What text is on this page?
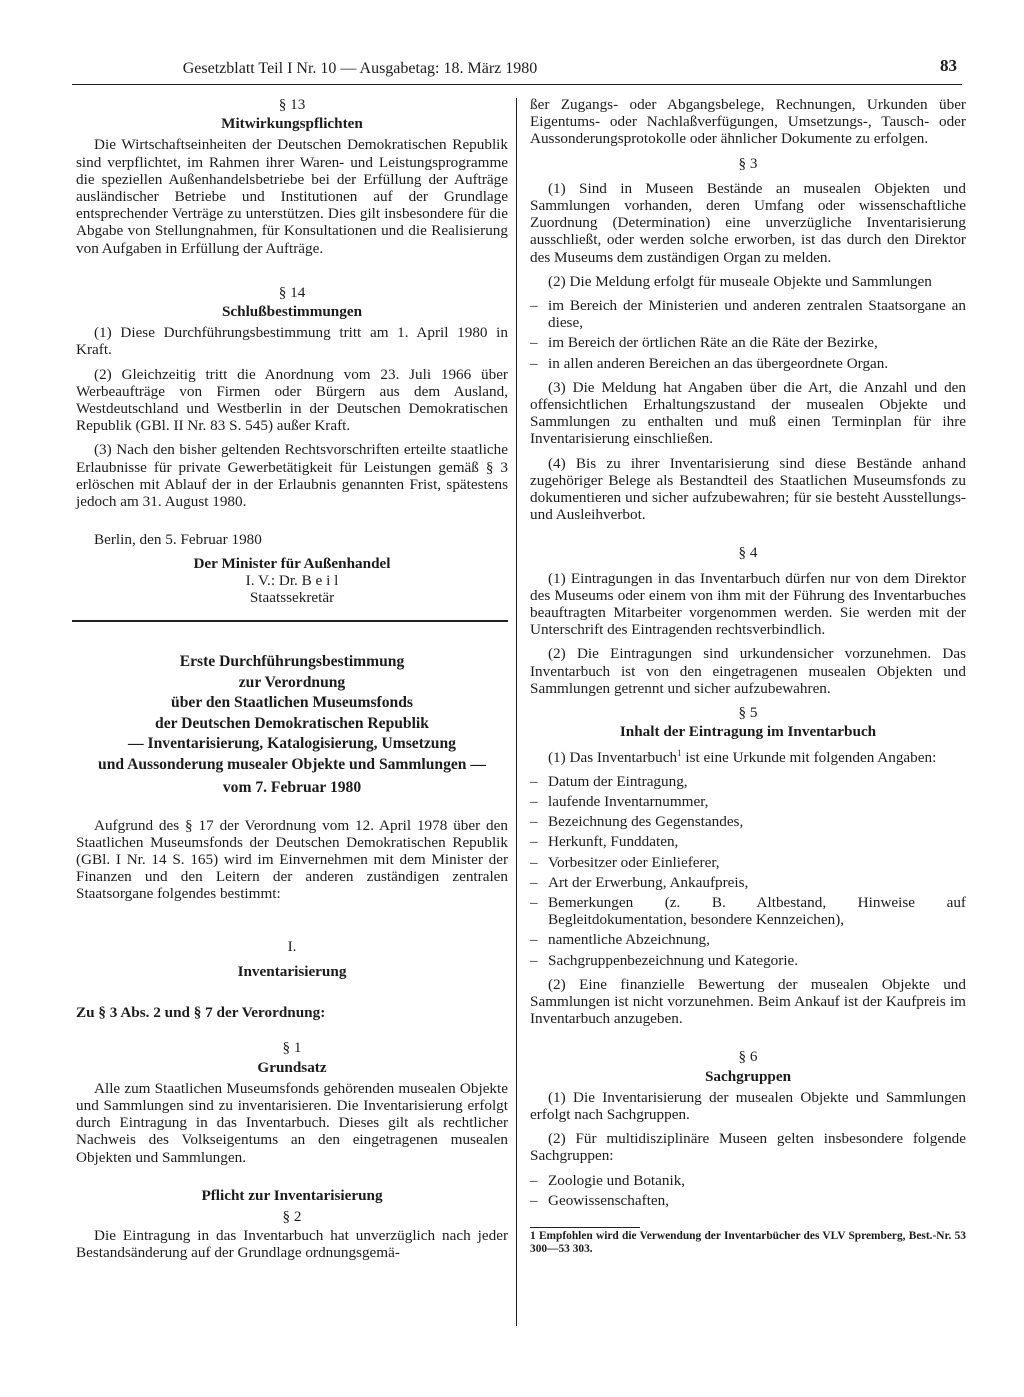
Gesetzblatt Teil I Nr. 10 — Ausgabetag: 18. März 1980	83
§ 13
Mitwirkungspflichten

Die Wirtschaftseinheiten der Deutschen Demokratischen Republik sind verpflichtet, im Rahmen ihrer Waren- und Leistungsprogramme die speziellen Außenhandelsbetriebe bei der Erfüllung der Aufträge ausländischer Betriebe und Institutionen auf der Grundlage entsprechender Verträge zu unterstützen. Dies gilt insbesondere für die Abgabe von Stellungnahmen, für Konsultationen und die Realisierung von Aufgaben in Erfüllung der Aufträge.

§ 14
Schlußbestimmungen

(1) Diese Durchführungsbestimmung tritt am 1. April 1980 in Kraft.

(2) Gleichzeitig tritt die Anordnung vom 23. Juli 1966 über Werbeaufträge von Firmen oder Bürgern aus dem Ausland, Westdeutschland und Westberlin in der Deutschen Demokratischen Republik (GBl. II Nr. 83 S. 545) außer Kraft.

(3) Nach den bisher geltenden Rechtsvorschriften erteilte staatliche Erlaubnisse für private Gewerbetätigkeit für Leistungen gemäß § 3 erlöschen mit Ablauf der in der Erlaubnis genannten Frist, spätestens jedoch am 31. August 1980.

Berlin, den 5. Februar 1980

Der Minister für Außenhandel
I. V.: Dr. B e i l
Staatssekretär
Erste Durchführungsbestimmung
zur Verordnung
über den Staatlichen Museumsfonds
der Deutschen Demokratischen Republik
— Inventarisierung, Katalogisierung, Umsetzung
und Aussonderung musealer Objekte und Sammlungen —
vom 7. Februar 1980

Aufgrund des § 17 der Verordnung vom 12. April 1978 über den Staatlichen Museumsfonds der Deutschen Demokratischen Republik (GBl. I Nr. 14 S. 165) wird im Einvernehmen mit dem Minister der Finanzen und den Leitern der anderen zuständigen zentralen Staatsorgane folgendes bestimmt:

I.
Inventarisierung
Zu § 3 Abs. 2 und § 7 der Verordnung:
§ 1
Grundsatz

Alle zum Staatlichen Museumsfonds gehörenden musealen Objekte und Sammlungen sind zu inventarisieren. Die Inventarisierung erfolgt durch Eintragung in das Inventarbuch. Dieses gilt als rechtlicher Nachweis des Volkseigentums an den eingetragenen musealen Objekten und Sammlungen.

Pflicht zur Inventarisierung
§ 2

Die Eintragung in das Inventarbuch hat unverzüglich nach jeder Bestandsänderung auf der Grundlage ordnungsgemä-

ßer Zugangs- oder Abgangsbelege, Rechnungen, Urkunden über Eigentums- oder Nachlaßverfügungen, Umsetzungs-, Tausch- oder Aussonderungsprotokolle oder ähnlicher Dokumente zu erfolgen.

§ 3

(1) Sind in Museen Bestände an musealen Objekten und Sammlungen vorhanden, deren Umfang oder wissenschaftliche Zuordnung (Determination) eine unverzügliche Inventarisierung ausschließt, oder werden solche erworben, ist das durch den Direktor des Museums dem zuständigen Organ zu melden.

(2) Die Meldung erfolgt für museale Objekte und Sammlungen

– im Bereich der Ministerien und anderen zentralen Staatsorgane an diese,
– im Bereich der örtlichen Räte an die Räte der Bezirke,
– in allen anderen Bereichen an das übergeordnete Organ.

(3) Die Meldung hat Angaben über die Art, die Anzahl und den offensichtlichen Erhaltungszustand der musealen Objekte und Sammlungen zu enthalten und muß einen Terminplan für ihre Inventarisierung einschließen.

(4) Bis zu ihrer Inventarisierung sind diese Bestände anhand zugehöriger Belege als Bestandteil des Staatlichen Museumsfonds zu dokumentieren und sicher aufzubewahren; für sie besteht Ausstellungs- und Ausleihverbot.

§ 4

(1) Eintragungen in das Inventarbuch dürfen nur von dem Direktor des Museums oder einem von ihm mit der Führung des Inventarbuches beauftragten Mitarbeiter vorgenommen werden. Sie werden mit der Unterschrift des Eintragenden rechtsverbindlich.

(2) Die Eintragungen sind urkundensicher vorzunehmen. Das Inventarbuch ist von den eingetragenen musealen Objekten und Sammlungen getrennt und sicher aufzubewahren.

§ 5
Inhalt der Eintragung im Inventarbuch

(1) Das Inventarbuch$^1$ ist eine Urkunde mit folgenden Angaben:

– Datum der Eintragung,
– laufende Inventarnummer,
– Bezeichnung des Gegenstandes,
– Herkunft, Funddaten,
– Vorbesitzer oder Einlieferer,
– Art der Erwerbung, Ankaufpreis,
– Bemerkungen (z. B. Altbestand, Hinweise auf Begleitdokumentation, besondere Kennzeichen),
– namentliche Abzeichnung,
– Sachgruppenbezeichnung und Kategorie.

(2) Eine finanzielle Bewertung der musealen Objekte und Sammlungen ist nicht vorzunehmen. Beim Ankauf ist der Kaufpreis im Inventarbuch anzugeben.

§ 6
Sachgruppen

(1) Die Inventarisierung der musealen Objekte und Sammlungen erfolgt nach Sachgruppen.

(2) Für multidisziplinäre Museen gelten insbesondere folgende Sachgruppen:

– Zoologie und Botanik,
– Geowissenschaften,
1 Empfohlen wird die Verwendung der Inventarbücher des VLV Spremberg, Best.-Nr. 53 300—53 303.
